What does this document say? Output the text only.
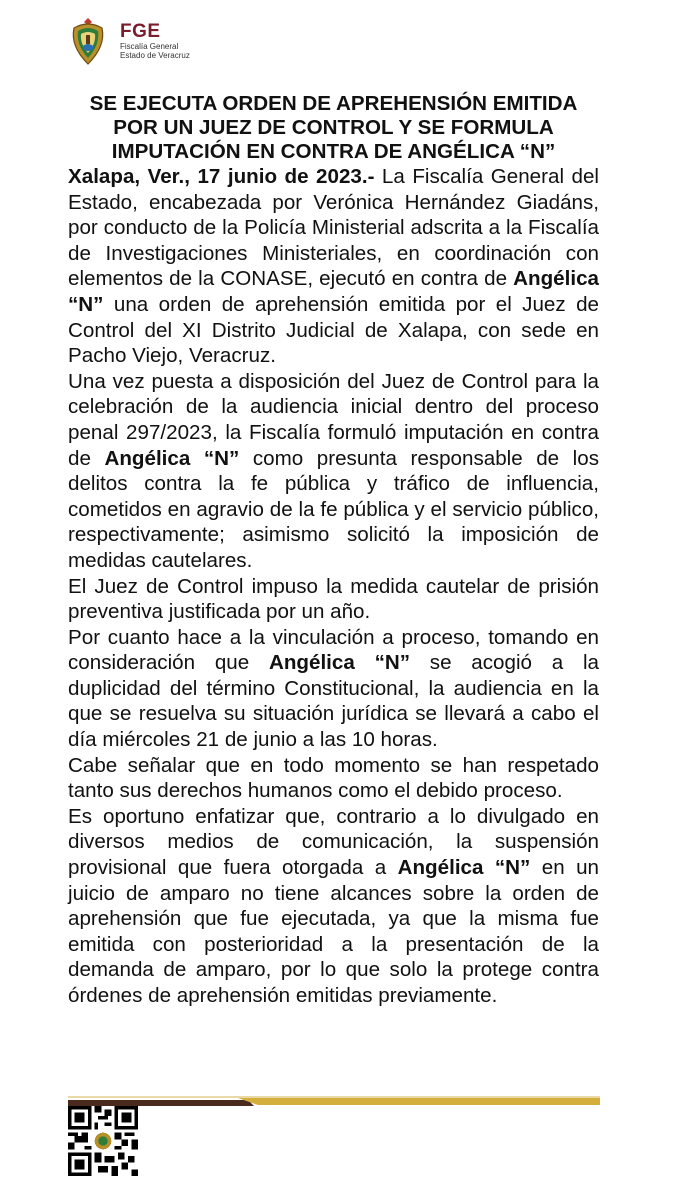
FGE
Fiscalía General
Estado de Veracruz
SE EJECUTA ORDEN DE APREHENSIÓN EMITIDA
POR UN JUEZ DE CONTROL Y SE FORMULA
IMPUTACIÓN EN CONTRA DE ANGÉLICA “N”

Xalapa, Ver., 17 junio de 2023.- La Fiscalía General del Estado, encabezada por Verónica Hernández Giadáns, por conducto de la Policía Ministerial adscrita a la Fiscalía de Investigaciones Ministeriales, en coordinación con elementos de la CONASE, ejecutó en contra de Angélica “N” una orden de aprehensión emitida por el Juez de Control del XI Distrito Judicial de Xalapa, con sede en Pacho Viejo, Veracruz.

Una vez puesta a disposición del Juez de Control para la celebración de la audiencia inicial dentro del proceso penal 297/2023, la Fiscalía formuló imputación en contra de Angélica “N” como presunta responsable de los delitos contra la fe pública y tráfico de influencia, cometidos en agravio de la fe pública y el servicio público, respectivamente; asimismo solicitó la imposición de medidas cautelares.

El Juez de Control impuso la medida cautelar de prisión preventiva justificada por un año.

Por cuanto hace a la vinculación a proceso, tomando en consideración que Angélica “N” se acogió a la duplicidad del término Constitucional, la audiencia en la que se resuelva su situación jurídica se llevará a cabo el día miércoles 21 de junio a las 10 horas.

Cabe señalar que en todo momento se han respetado tanto sus derechos humanos como el debido proceso.

Es oportuno enfatizar que, contrario a lo divulgado en diversos medios de comunicación, la suspensión provisional que fuera otorgada a Angélica “N” en un juicio de amparo no tiene alcances sobre la orden de aprehensión que fue ejecutada, ya que la misma fue emitida con posterioridad a la presentación de la demanda de amparo, por lo que solo la protege contra órdenes de aprehensión emitidas previamente.
